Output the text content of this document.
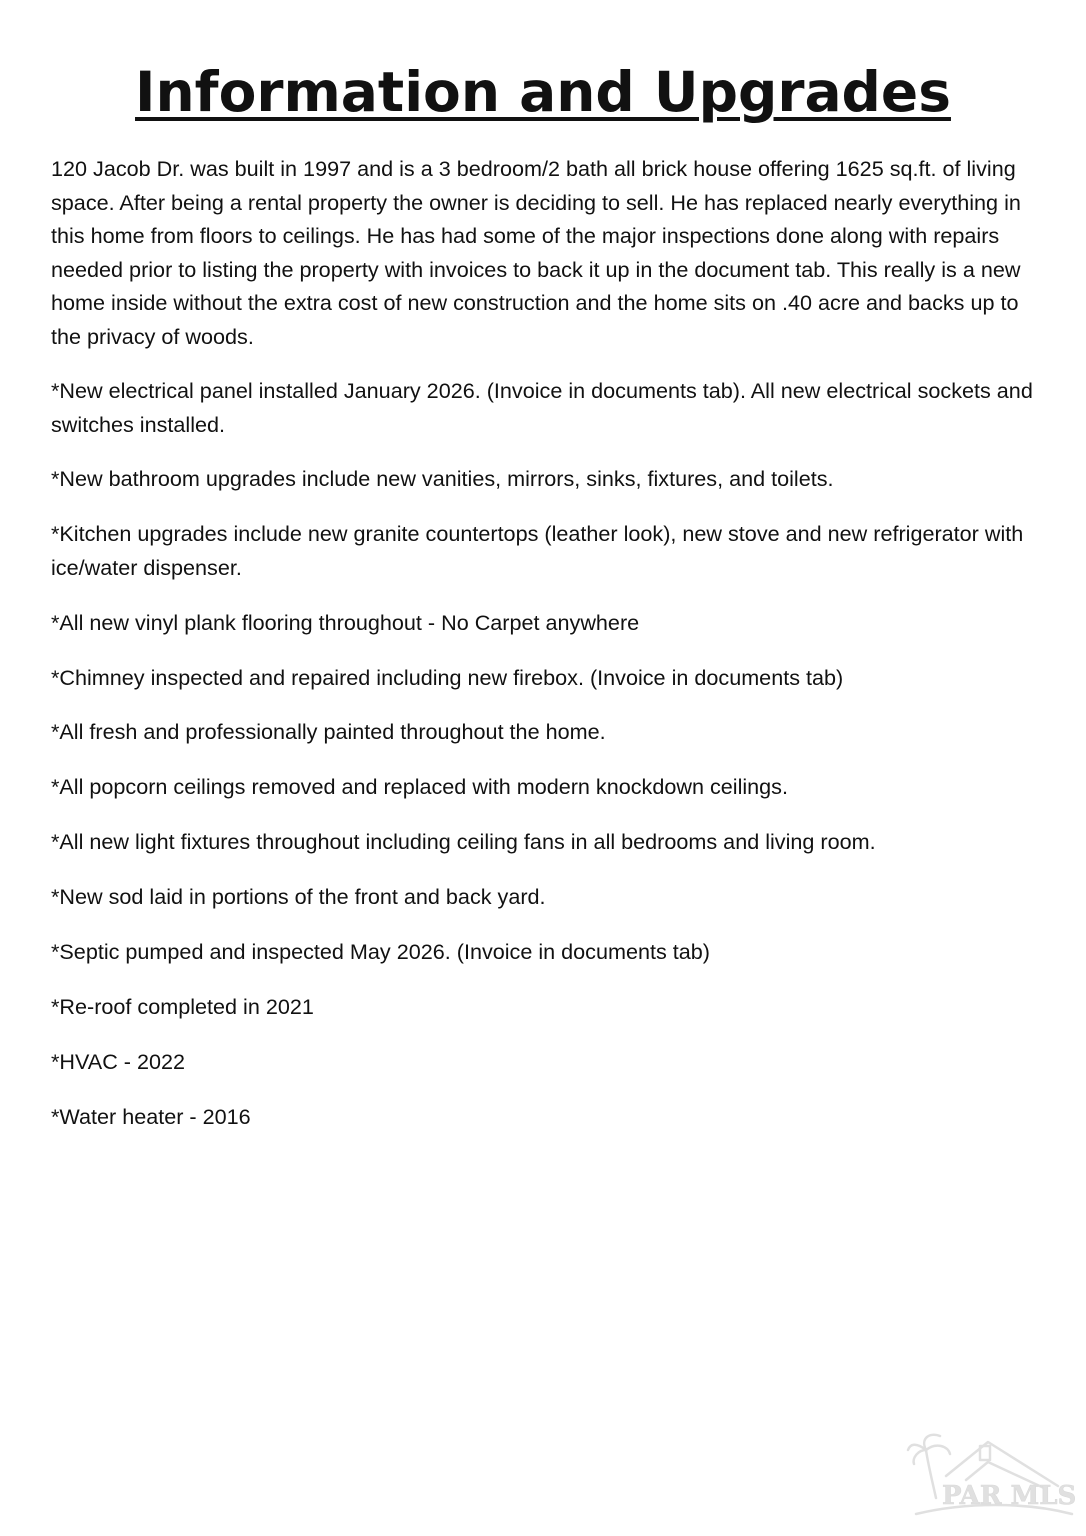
Information and Upgrades

120 Jacob Dr. was built in 1997 and is a 3 bedroom/2 bath all brick house offering 1625 sq.ft. of living space. After being a rental property the owner is deciding to sell. He has replaced nearly everything in this home from floors to ceilings. He has had some of the major inspections done along with repairs needed prior to listing the property with invoices to back it up in the document tab. This really is a new home inside without the extra cost of new construction and the home sits on .40 acre and backs up to the privacy of woods.

*New electrical panel installed January 2026. (Invoice in documents tab). All new electrical sockets and switches installed.

*New bathroom upgrades include new vanities, mirrors, sinks, fixtures, and toilets.

*Kitchen upgrades include new granite countertops (leather look), new stove and new refrigerator with ice/water dispenser.

*All new vinyl plank flooring throughout - No Carpet anywhere

*Chimney inspected and repaired including new firebox. (Invoice in documents tab)

*All fresh and professionally painted throughout the home.

*All popcorn ceilings removed and replaced with modern knockdown ceilings.

*All new light fixtures throughout including ceiling fans in all bedrooms and living room.

*New sod laid in portions of the front and back yard.

*Septic pumped and inspected May 2026. (Invoice in documents tab)

*Re-roof completed in 2021

*HVAC - 2022

*Water heater - 2016

PAR MLS
